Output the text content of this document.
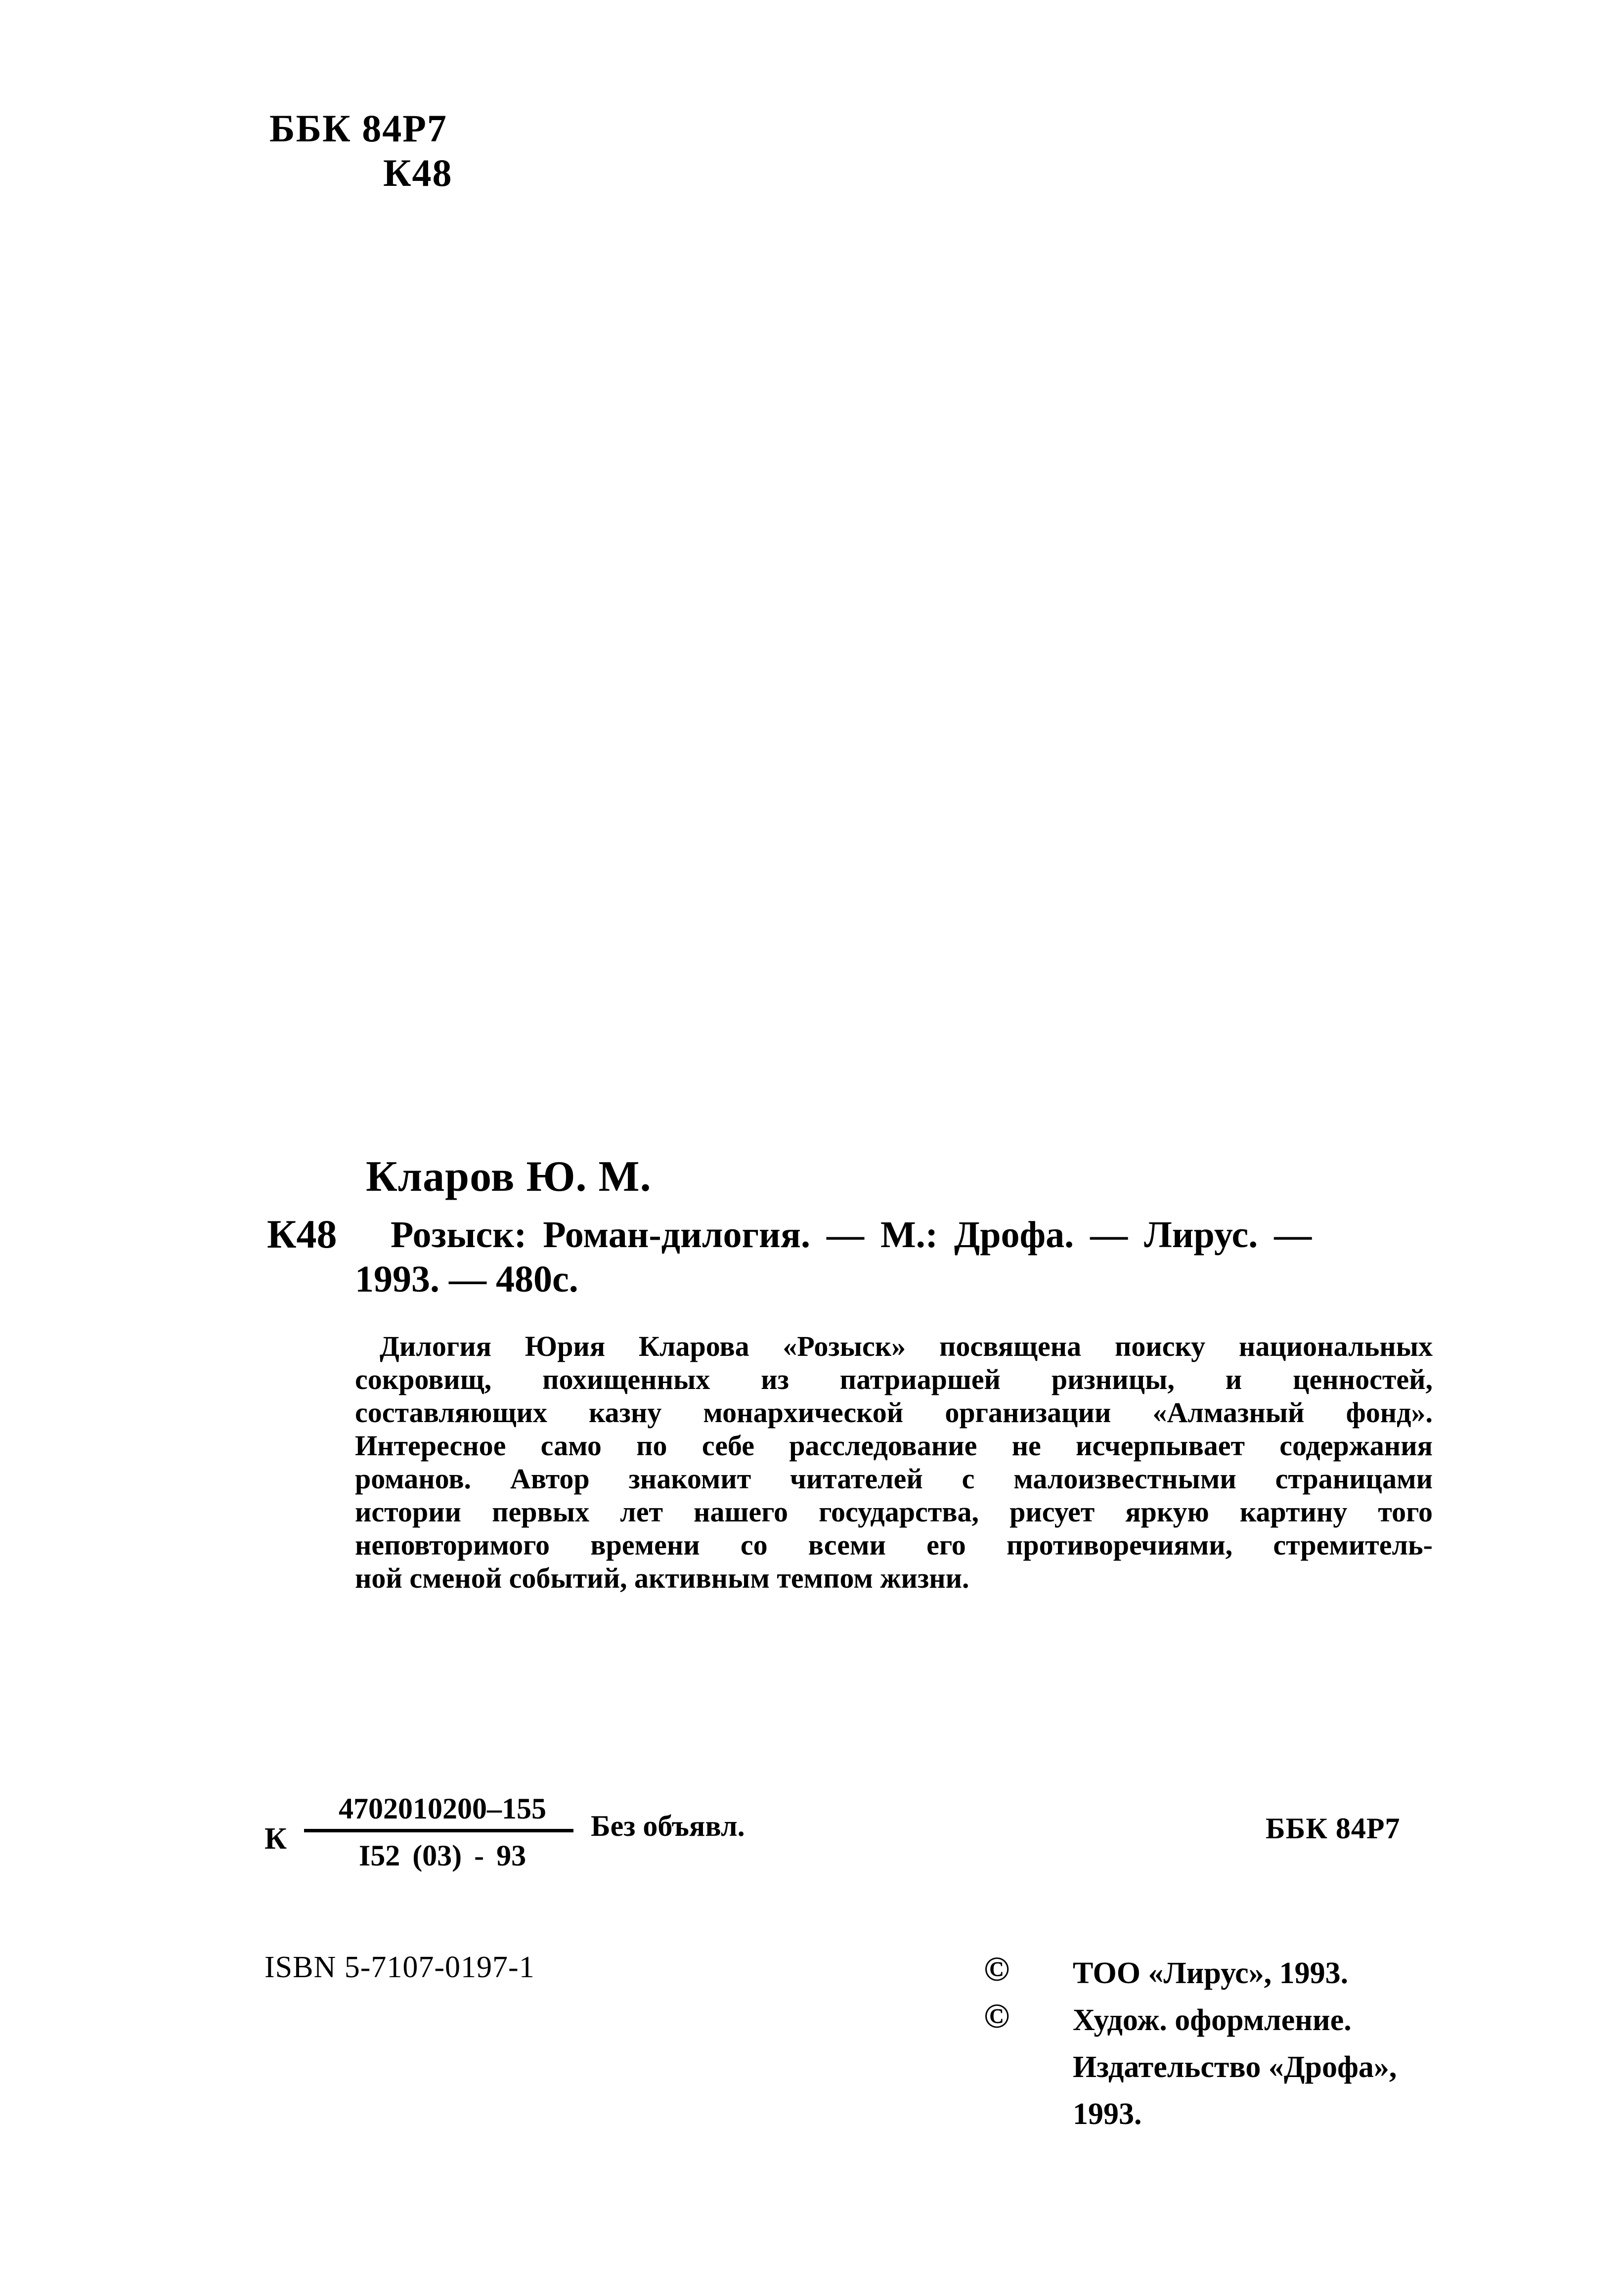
ББК 84Р7
К48
Кларов Ю. М.
К48 Розыск: Роман-дилогия. — М.: Дрофа. — Лирус. —
1993. — 480с.
Дилогия Юрия Кларова «Розыск» посвящена поиску национальных
сокровищ, похищенных из патриаршей ризницы, и ценностей,
составляющих казну монархической организации «Алмазный фонд».
Интересное само по себе расследование не исчерпывает содержания
романов. Автор знакомит читателей с малоизвестными страницами
истории первых лет нашего государства, рисует яркую картину того
неповторимого времени со всеми его противоречиями, стремитель-
ной сменой событий, активным темпом жизни.
К
4702010200–155
I52 (03) - 93
Без объявл.	ББК 84Р7
ISBN 5-7107-0197-1	©
©
ТОО «Лирус», 1993.
Худож. оформление.
Издательство «Дрофа»,
1993.
